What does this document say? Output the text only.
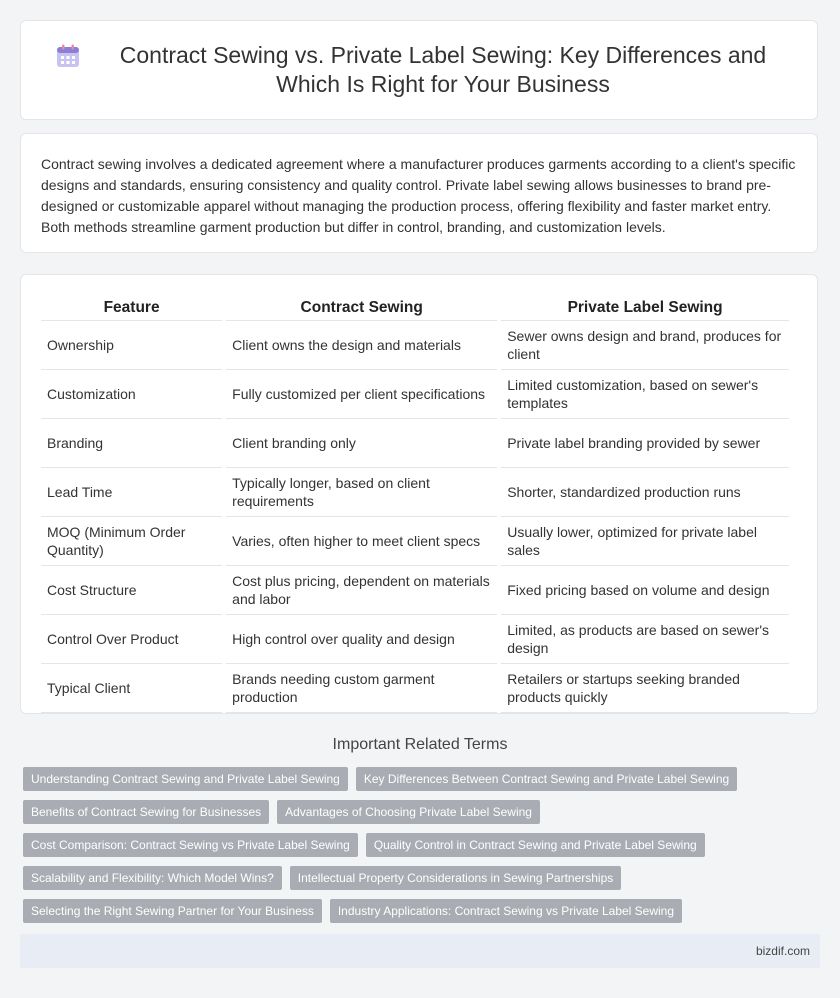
Contract Sewing vs. Private Label Sewing: Key Differences and Which Is Right for Your Business

Contract sewing involves a dedicated agreement where a manufacturer produces garments according to a client's specific designs and standards, ensuring consistency and quality control. Private label sewing allows businesses to brand pre-designed or customizable apparel without managing the production process, offering flexibility and faster market entry. Both methods streamline garment production but differ in control, branding, and customization levels.

Feature	Contract Sewing	Private Label Sewing
Ownership	Client owns the design and materials	Sewer owns design and brand, produces for client
Customization	Fully customized per client specifications	Limited customization, based on sewer's templates
Branding	Client branding only	Private label branding provided by sewer
Lead Time	Typically longer, based on client requirements	Shorter, standardized production runs
MOQ (Minimum Order Quantity)	Varies, often higher to meet client specs	Usually lower, optimized for private label sales
Cost Structure	Cost plus pricing, dependent on materials and labor	Fixed pricing based on volume and design
Control Over Product	High control over quality and design	Limited, as products are based on sewer's design
Typical Client	Brands needing custom garment production	Retailers or startups seeking branded products quickly
Important Related Terms
Understanding Contract Sewing and Private Label Sewing	Key Differences Between Contract Sewing and Private Label Sewing
Benefits of Contract Sewing for Businesses	Advantages of Choosing Private Label Sewing
Cost Comparison: Contract Sewing vs Private Label Sewing	Quality Control in Contract Sewing and Private Label Sewing
Scalability and Flexibility: Which Model Wins?	Intellectual Property Considerations in Sewing Partnerships
Selecting the Right Sewing Partner for Your Business	Industry Applications: Contract Sewing vs Private Label Sewing
bizdif.com
